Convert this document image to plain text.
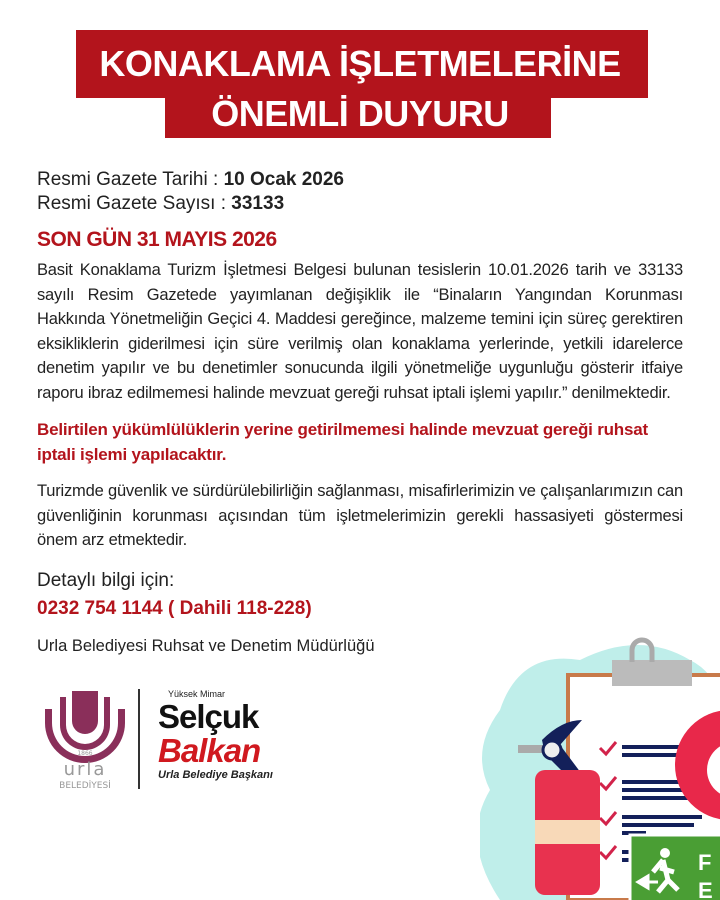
KONAKLAMA İŞLETMELERİNE
ÖNEMLİ DUYURU
Resmi Gazete Tarihi : 10 Ocak 2026
Resmi Gazete Sayısı : 33133
SON GÜN 31 MAYIS 2026
Basit Konaklama Turizm İşletmesi Belgesi bulunan tesislerin 10.01.2026 tarih ve 33133 sayılı Resim Gazetede yayımlanan değişiklik ile “Binaların Yangından Korunması Hakkında Yönetmeliğin Geçici 4. Maddesi gereğince, malzeme temini için süreç gerektiren eksikliklerin giderilmesi için süre verilmiş olan konaklama yerlerinde, yetkili idarelerce denetim yapılır ve bu denetimler sonucunda ilgili yönetmeliğe uygunluğu gösterir itfaiye raporu ibraz edilmemesi halinde mevzuat gereği ruhsat iptali işlemi yapılır.” denilmektedir.
Belirtilen yükümlülüklerin yerine getirilmemesi halinde mevzuat gereği ruhsat iptali işlemi yapılacaktır.
Turizmde güvenlik ve sürdürülebilirliğin sağlanması, misafirlerimizin ve çalışanlarımızın can güvenliğinin korunması açısından tüm işletmelerimizin gerekli hassasiyeti göstermesi önem arz etmektedir.
Detaylı bilgi için:
0232 754 1144 ( Dahili 118-228)
Urla Belediyesi Ruhsat ve Denetim Müdürlüğü
1866
urla
BELEDİYESİ
Yüksek Mimar
Selçuk
Balkan
Urla Belediye Başkanı
F
E
